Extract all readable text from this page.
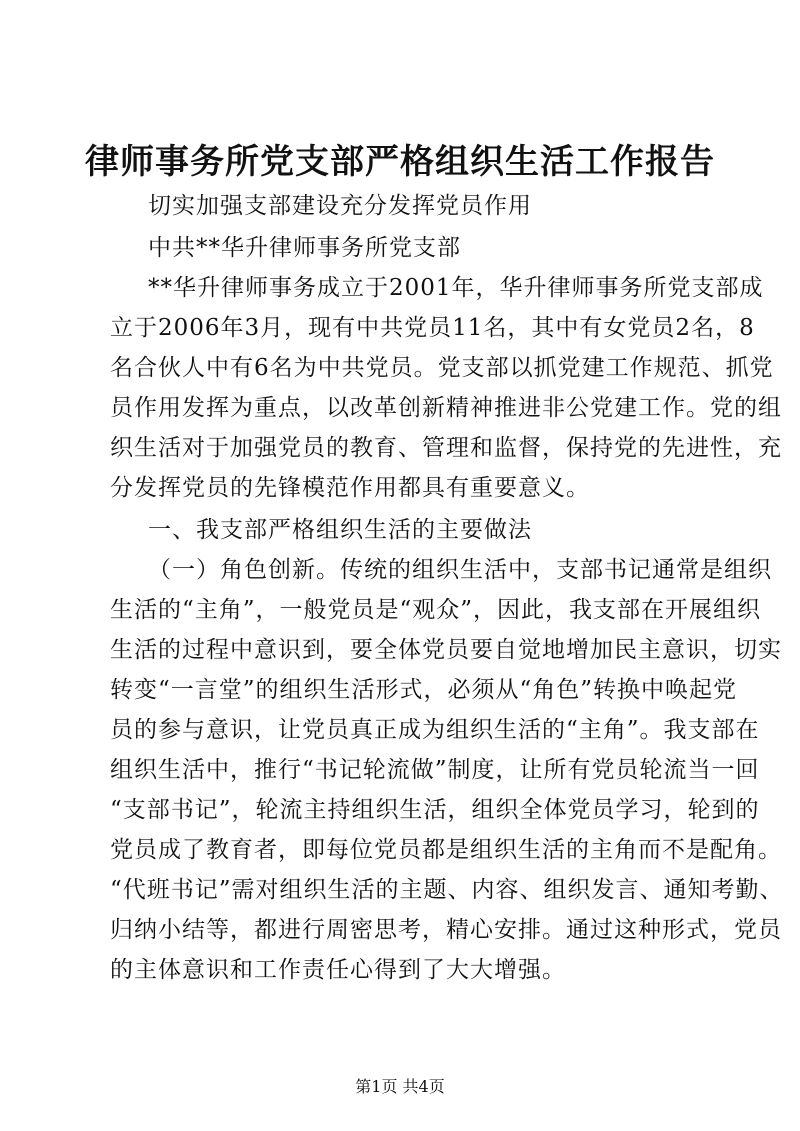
律师事务所党支部严格组织生活工作报告
切实加强支部建设充分发挥党员作用
中共**华升律师事务所党支部
**华升律师事务成立于2001年，华升律师事务所党支部成
立于2006年3月，现有中共党员11名，其中有女党员2名，8
名合伙人中有6名为中共党员。党支部以抓党建工作规范、抓党
员作用发挥为重点，以改革创新精神推进非公党建工作。党的组
织生活对于加强党员的教育、管理和监督，保持党的先进性，充
分发挥党员的先锋模范作用都具有重要意义。
一、我支部严格组织生活的主要做法
（一）角色创新。传统的组织生活中，支部书记通常是组织
生活的“主角”，一般党员是“观众”，因此，我支部在开展组织
生活的过程中意识到，要全体党员要自觉地增加民主意识，切实
转变“一言堂”的组织生活形式，必须从“角色”转换中唤起党
员的参与意识，让党员真正成为组织生活的“主角”。我支部在
组织生活中，推行“书记轮流做”制度，让所有党员轮流当一回
“支部书记”，轮流主持组织生活，组织全体党员学习，轮到的
党员成了教育者，即每位党员都是组织生活的主角而不是配角。
“代班书记”需对组织生活的主题、内容、组织发言、通知考勤、
归纳小结等，都进行周密思考，精心安排。通过这种形式，党员
的主体意识和工作责任心得到了大大增强。
第1页 共4页
